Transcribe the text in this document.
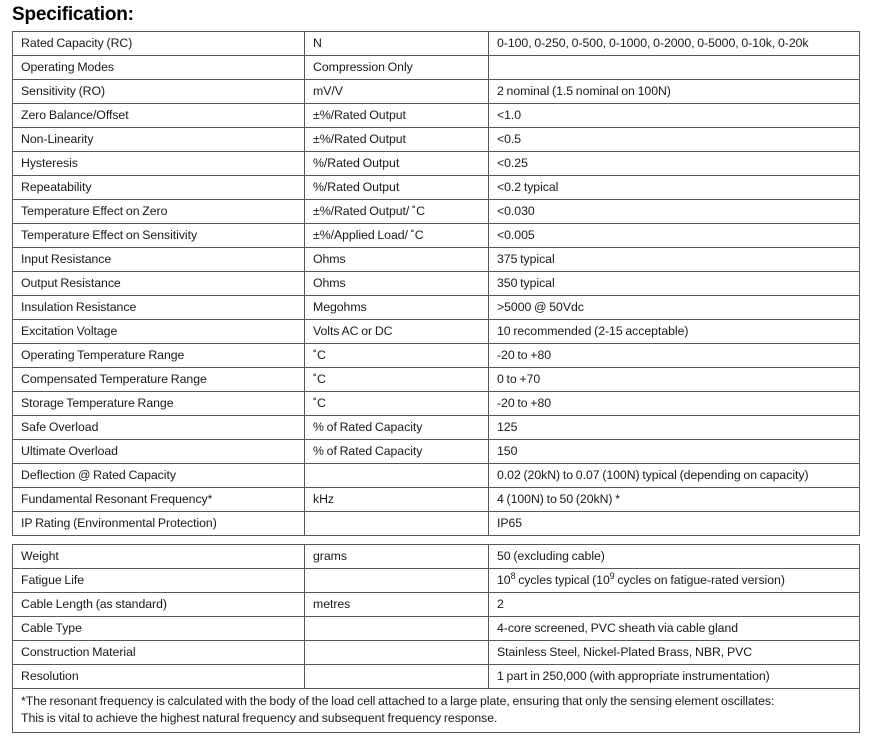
Specification:
Rated Capacity (RC)	N	0-100, 0-250, 0-500, 0-1000, 0-2000, 0-5000, 0-10k, 0-20k
Operating Modes	Compression Only	
Sensitivity (RO)	mV/V	2 nominal (1.5 nominal on 100N)
Zero Balance/Offset	±%/Rated Output	<1.0
Non-Linearity	±%/Rated Output	<0.5
Hysteresis	%/Rated Output	<0.25
Repeatability	%/Rated Output	<0.2 typical
Temperature Effect on Zero	±%/Rated Output/ ˚C	<0.030
Temperature Effect on Sensitivity	±%/Applied Load/ ˚C	<0.005
Input Resistance	Ohms	375 typical
Output Resistance	Ohms	350 typical
Insulation Resistance	Megohms	>5000 @ 50Vdc
Excitation Voltage	Volts AC or DC	10 recommended (2-15 acceptable)
Operating Temperature Range	˚C	-20 to +80
Compensated Temperature Range	˚C	0 to +70
Storage Temperature Range	˚C	-20 to +80
Safe Overload	% of Rated Capacity	125
Ultimate Overload	% of Rated Capacity	150
Deflection @ Rated Capacity		0.02 (20kN) to 0.07 (100N) typical (depending on capacity)
Fundamental Resonant Frequency*	kHz	4 (100N) to 50 (20kN) *
IP Rating (Environmental Protection)		IP65

Weight	grams	50 (excluding cable)
Fatigue Life		$10^8$ cycles typical ($10^9$ cycles on fatigue-rated version)
Cable Length (as standard)	metres	2
Cable Type		4-core screened, PVC sheath via cable gland
Construction Material		Stainless Steel, Nickel-Plated Brass, NBR, PVC
Resolution		1 part in 250,000 (with appropriate instrumentation)

*The resonant frequency is calculated with the body of the load cell attached to a large plate, ensuring that only the sensing element oscillates:
This is vital to achieve the highest natural frequency and subsequent frequency response.		
